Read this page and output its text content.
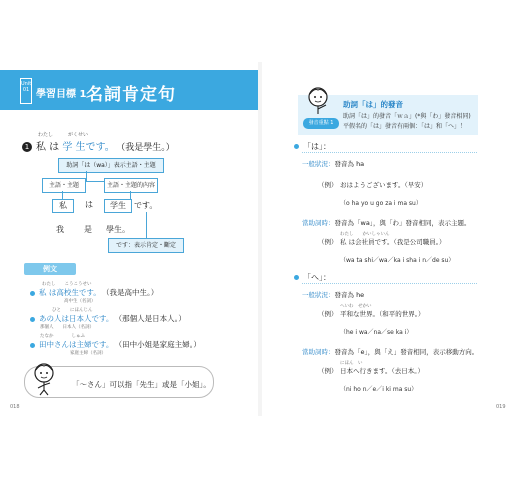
Unit 01 學習目標 1 名詞肯定句
わたし	がくせい
1 私 は 学 生です。 （我是學生。）
助詞「は（wa）」表示主語・主題
主語・主題	主語・主題的內容
私	は	学生	です。
我	是 學生。
です：表示肯定・斷定
例文
わたし　　こうこうせい
私 は高校生です。 （我是高中生。）
高中生（名詞）
ひと　　にほんじん
あの人は日本人です。 （那個人是日本人。）
那個人　　日本人（名詞）
たなか　　　　しゅふ
田中さんは主婦です。 （田中小姐是家庭主婦。）
家庭主婦（名詞）
「～さん」可以指「先生」或是「小姐」。
018
助詞「は」的發音
發音重點 1
助詞「は」的發音「ｗａ」(*與「わ」發音相同)
平假名的「は」發音有兩個：「は」和「へ」！
「は」：
一般狀況：發音為 ha
（例） おはようございます。（早安）
（o ha yo u go za i ma su）
當助詞時：發音為「wa」，與「わ」發音相同，表示主題。
わたし　　かいしゃいん
（例） 私 は会社員です。（我是公司職員。）
（wa ta shi／wa／ka i sha i n／de su）
「へ」：
一般狀況：發音為 he
へいわ　せかい
（例） 平和な世界。（和平的世界。）
（he i wa／na／se ka i）
當助詞時：發音為「e」，與「え」發音相同，表示移動方向。
にほん　い
（例） 日本へ行きます。（去日本。）
（ni ho n／e／i ki ma su）
019
